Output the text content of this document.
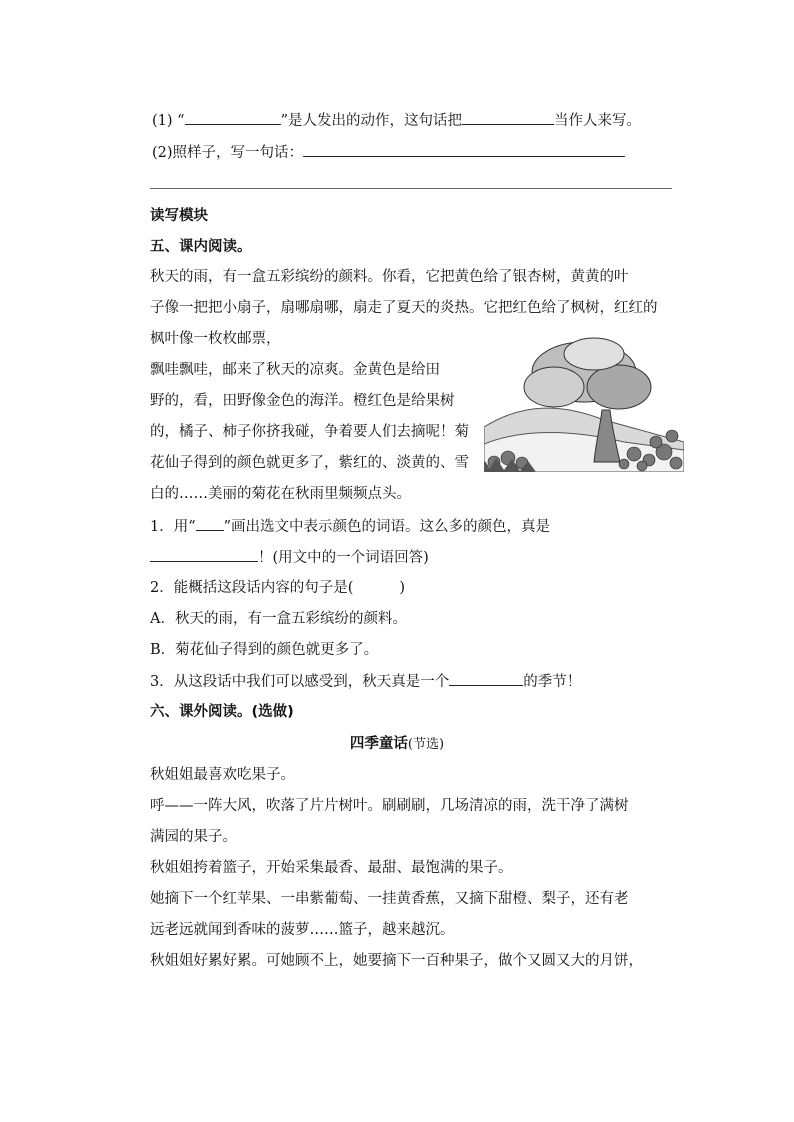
(1) “	”是人发出的动作，这句话把	当作人来写。
(2)照样子，写一句话：
读写模块
五、课内阅读。
秋天的雨，有一盒五彩缤纷的颜料。你看，它把黄色给了银杏树，黄黄的叶
子像一把把小扇子，扇哪扇哪，扇走了夏天的炎热。它把红色给了枫树，红红的
枫叶像一枚枚邮票，
飘哇飘哇，邮来了秋天的凉爽。金黄色是给田
野的，看，田野像金色的海洋。橙红色是给果树
的，橘子、柿子你挤我碰，争着要人们去摘呢！菊
花仙子得到的颜色就更多了，紫红的、淡黄的、雪
白的……美丽的菊花在秋雨里频频点头。
1．用“ ”画出选文中表示颜色的词语。这么多的颜色，真是
！(用文中的一个词语回答)
2．能概括这段话内容的句子是(	)
A．秋天的雨，有一盒五彩缤纷的颜料。
B．菊花仙子得到的颜色就更多了。
3．从这段话中我们可以感受到，秋天真是一个	的季节！
六、课外阅读。(选做)
四季童话(节选)
秋姐姐最喜欢吃果子。
呼——一阵大风，吹落了片片树叶。刷刷刷，几场清凉的雨，洗干净了满树
满园的果子。
秋姐姐挎着篮子，开始采集最香、最甜、最饱满的果子。
她摘下一个红苹果、一串紫葡萄、一挂黄香蕉，又摘下甜橙、梨子，还有老
远老远就闻到香味的菠萝……篮子，越来越沉。
秋姐姐好累好累。可她顾不上，她要摘下一百种果子，做个又圆又大的月饼，
